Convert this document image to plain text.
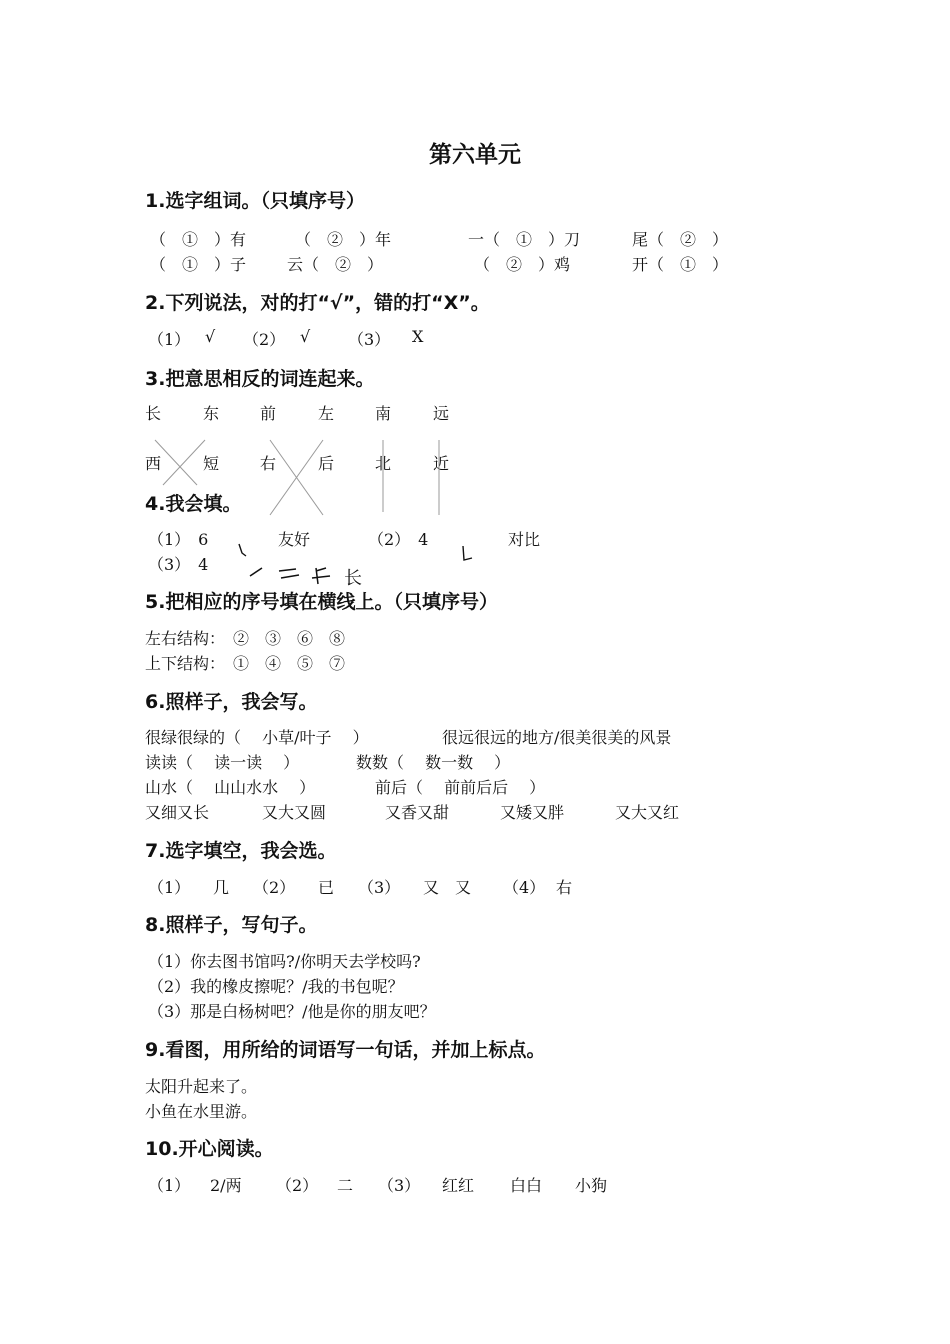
第六单元
1.选字组词。（只填序号）
（　①　）有	（　②　）年	一（　①　）刀	尾（　②　）
（　①　）子	云（　②　）	（　②　）鸡	开（　①　）
2.下列说法，对的打“√”，错的打“X”。
（1） √ （2） √ （3） X
3.把意思相反的词连起来。
长	东	前	左	南	远
西	短	右	后	北	近
4.我会填。
（1）　6	友好	（2）　4	对比
（3）　4
长
5.把相应的序号填在横线上。（只填序号）
左右结构：　②　③　⑥　⑧
上下结构：　①　④　⑤　⑦
6.照样子，我会写。
很绿很绿的（　 小草/叶子　 ）	很远很远的地方/很美很美的风景
读读（　 读一读　 ）	数数（　 数一数　 ）
山水（　 山山水水　 ）	前后（　 前前后后　 ）
又细又长	又大又圆	又香又甜	又矮又胖	又大又红
7.选字填空，我会选。
（1） 几 （2） 已 （3） 又　又 （4） 右
8.照样子，写句子。
（1）你去图书馆吗?/你明天去学校吗?
（2）我的橡皮擦呢？/我的书包呢？
（3）那是白杨树吧？/他是你的朋友吧？
9.看图，用所给的词语写一句话，并加上标点。
太阳升起来了。
小鱼在水里游。
10.开心阅读。
（1） 2/两 （2） 二 （3） 红红 白白 小狗
